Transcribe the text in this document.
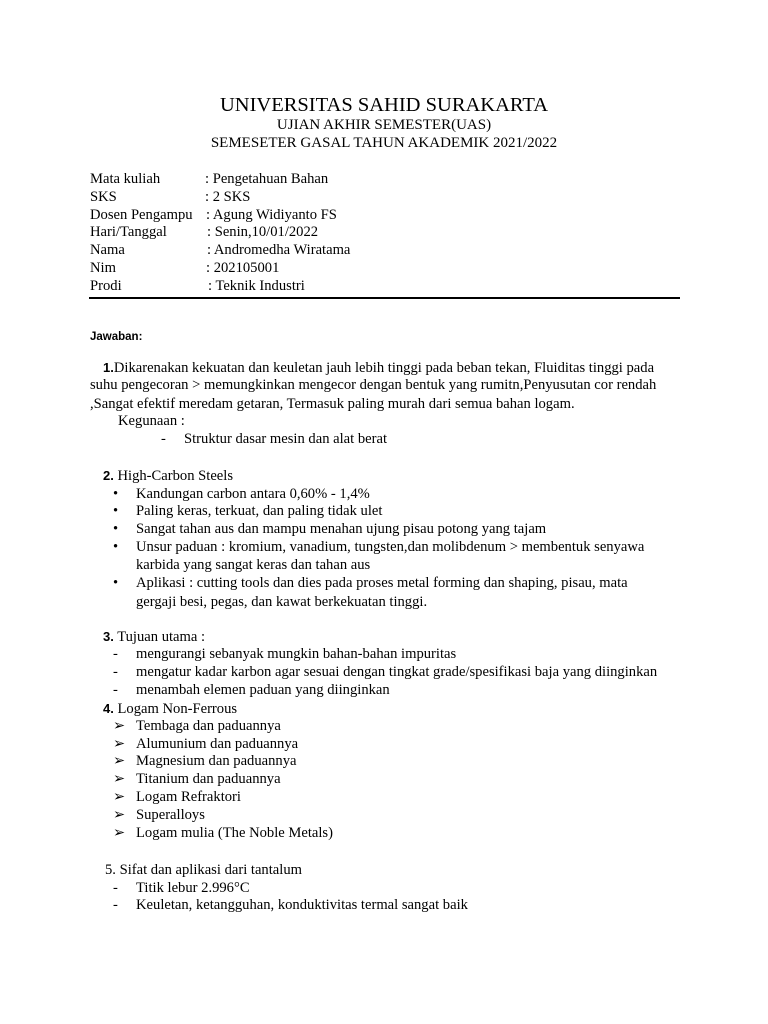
UNIVERSITAS SAHID SURAKARTA
UJIAN AKHIR SEMESTER(UAS)
SEMESETER GASAL TAHUN AKADEMIK 2021/2022
Mata kuliah	: Pengetahuan Bahan
SKS	: 2 SKS
Dosen Pengampu : Agung Widiyanto FS
Hari/Tanggal	: Senin,10/01/2022
Nama	: Andromedha Wiratama
Nim	: 202105001
Prodi	: Teknik Industri
Jawaban:
1.Dikarenakan kekuatan dan keuletan jauh lebih tinggi pada beban tekan, Fluiditas tinggi pada
suhu pengecoran > memungkinkan mengecor dengan bentuk yang rumitn,Penyusutan cor rendah
,Sangat efektif meredam getaran, Termasuk paling murah dari semua bahan logam.
Kegunaan :
- Struktur dasar mesin dan alat berat
2. High-Carbon Steels
•	Kandungan carbon antara 0,60% - 1,4%
•	Paling keras, terkuat, dan paling tidak ulet
•	Sangat tahan aus dan mampu menahan ujung pisau potong yang tajam
•	Unsur paduan : kromium, vanadium, tungsten,dan molibdenum > membentuk senyawa
karbida yang sangat keras dan tahan aus
•	Aplikasi : cutting tools dan dies pada proses metal forming dan shaping, pisau, mata
gergaji besi, pegas, dan kawat berkekuatan tinggi.
3. Tujuan utama :
-	mengurangi sebanyak mungkin bahan-bahan impuritas
-	mengatur kadar karbon agar sesuai dengan tingkat grade/spesifikasi baja yang diinginkan
-	menambah elemen paduan yang diinginkan
4. Logam Non-Ferrous
➢ Tembaga dan paduannya
➢ Alumunium dan paduannya
➢ Magnesium dan paduannya
➢ Titanium dan paduannya
➢ Logam Refraktori
➢ Superalloys
➢ Logam mulia (The Noble Metals)
5. Sifat dan aplikasi dari tantalum
-	Titik lebur 2.996°C
-	Keuletan, ketangguhan, konduktivitas termal sangat baik
